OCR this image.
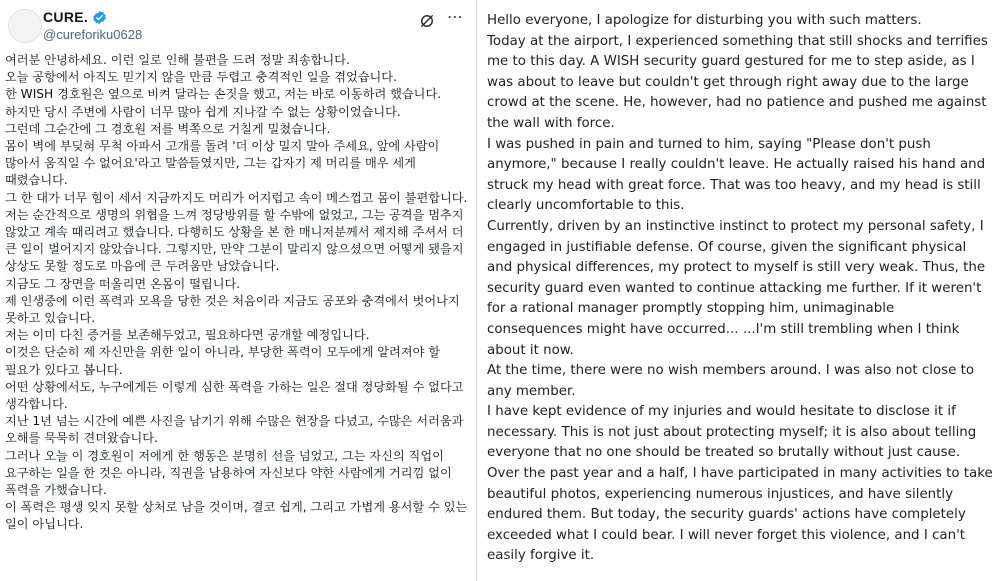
CURE.
@cureforiku0628
⋯

여러분 안녕하세요. 이런 일로 인해 불편을 드려 정말 죄송합니다.

오늘 공항에서 아직도 믿기지 않을 만큼 두렵고 충격적인 일을 겪었습니다.

한 WISH 경호원은 옆으로 비켜 달라는 손짓을 했고, 저는 바로 이동하려 했습니다. 하지만 당시 주변에 사람이 너무 많아 쉽게 지나갈 수 없는 상황이었습니다.

그런데 그순간에 그 경호원 저를 벽쪽으로 거칠게 밀쳤습니다.

몸이 벽에 부딪혀 무척 아파서 고개를 돌려 '더 이상 밀지 말아 주세요, 앞에 사람이 많아서 움직일 수 없어요'라고 말씀들였지만, 그는 갑자기 제 머리를 매우 세게 때렸습니다.

그 한 대가 너무 힘이 세서 지금까지도 머리가 어지럽고 속이 메스껍고 몸이 불편합니다.

저는 순간적으로 생명의 위협을 느껴 정당방위를 할 수밖에 없었고, 그는 공격을 멈추지 않았고 계속 때리려고 했습니다. 다행히도 상황을 본 한 매니저분께서 제지해 주셔서 더 큰 일이 벌어지지 않았습니다. 그렇지만, 만약 그분이 말리지 않으셨으면 어떻게 됐을지 상상도 못할 정도로 마음에 큰 두려움만 남았습니다.

지금도 그 장면을 떠올리면 온몸이 떨립니다.

제 인생중에 이런 폭력과 모욕을 당한 것은 처음이라 지금도 공포와 충격에서 벗어나지 못하고 있습니다.

저는 이미 다친 증거를 보존해두었고, 필요하다면 공개할 예정입니다.

이것은 단순히 제 자신만을 위한 일이 아니라, 부당한 폭력이 모두에게 알려져야 할 필요가 있다고 봅니다.

어떤 상황에서도, 누구에게든 이렇게 심한 폭력을 가하는 일은 절대 정당화될 수 없다고 생각합니다.

지난 1년 넘는 시간에 예쁜 사진을 남기기 위해 수많은 현장을 다녔고, 수많은 서러움과 오해를 묵묵히 견뎌왔습니다.

그러나 오늘 이 경호원이 저에게 한 행동은 분명히 선을 넘었고, 그는 자신의 직업이 요구하는 일을 한 것은 아니라, 직권을 남용하여 자신보다 약한 사람에게 거리낌 없이 폭력을 가했습니다.

이 폭력은 평생 잊지 못할 상처로 남을 것이며, 결코 쉽게, 그리고 가볍게 용서할 수 있는 일이 아닙니다.

Hello everyone, I apologize for disturbing you with such matters.

Today at the airport, I experienced something that still shocks and terrifies me to this day. A WISH security guard gestured for me to step aside, as I was about to leave but couldn't get through right away due to the large crowd at the scene. He, however, had no patience and pushed me against the wall with force.

I was pushed in pain and turned to him, saying "Please don't push anymore," because I really couldn't leave. He actually raised his hand and struck my head with great force. That was too heavy, and my head is still clearly uncomfortable to this.

Currently, driven by an instinctive instinct to protect my personal safety, I engaged in justifiable defense. Of course, given the significant physical and physical differences, my protect to myself is still very weak. Thus, the security guard even wanted to continue attacking me further. If it weren't for a rational manager promptly stopping him, unimaginable consequences might have occurred... ...I'm still trembling when I think about it now.

At the time, there were no wish members around. I was also not close to any member.

I have kept evidence of my injuries and would hesitate to disclose it if necessary. This is not just about protecting myself; it is also about telling everyone that no one should be treated so brutally without just cause.

Over the past year and a half, I have participated in many activities to take beautiful photos, experiencing numerous injustices, and have silently endured them. But today, the security guards' actions have completely exceeded what I could bear. I will never forget this violence, and I can't easily forgive it.
